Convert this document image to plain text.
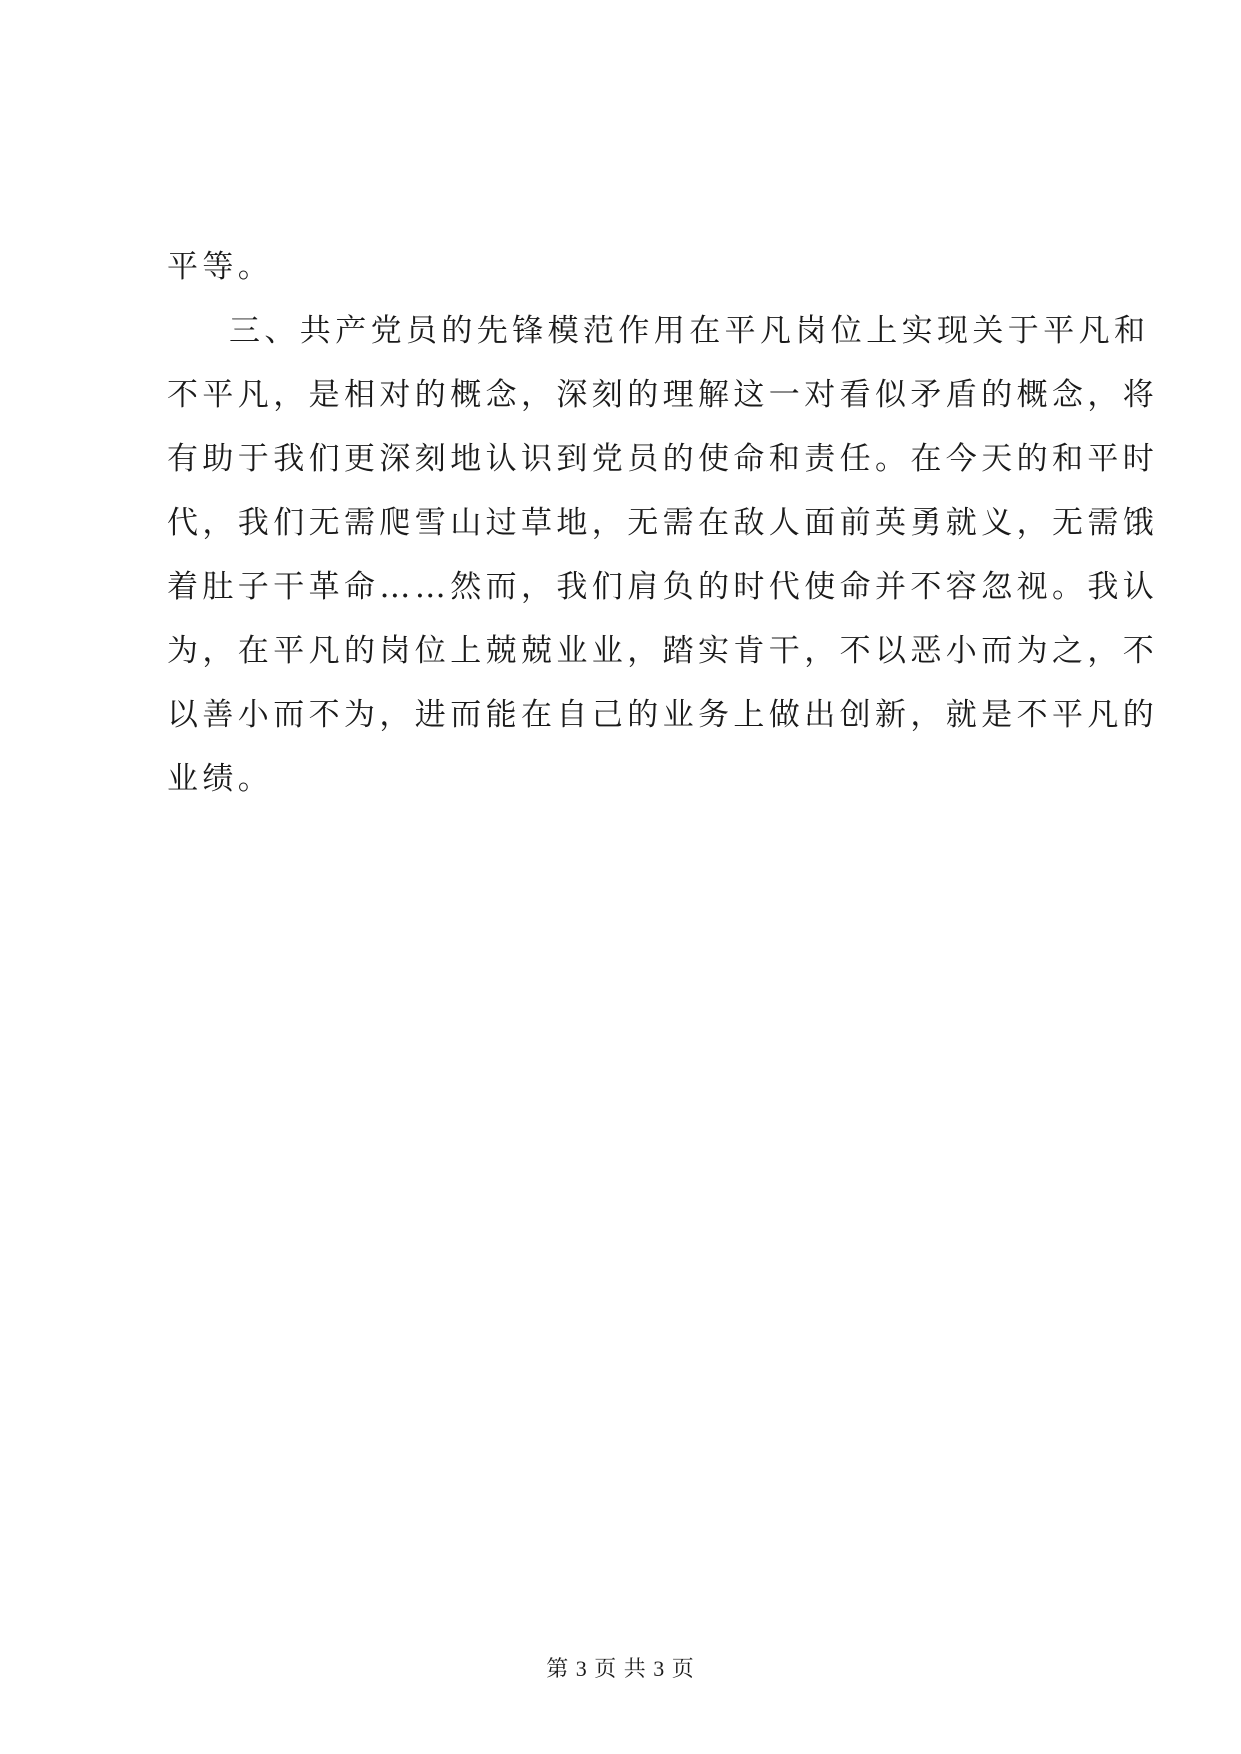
平等。
三、共产党员的先锋模范作用在平凡岗位上实现关于平凡和
不平凡，是相对的概念，深刻的理解这一对看似矛盾的概念，将
有助于我们更深刻地认识到党员的使命和责任。在今天的和平时
代，我们无需爬雪山过草地，无需在敌人面前英勇就义，无需饿
着肚子干革命……然而，我们肩负的时代使命并不容忽视。我认
为，在平凡的岗位上兢兢业业，踏实肯干，不以恶小而为之，不
以善小而不为，进而能在自己的业务上做出创新，就是不平凡的
业绩。
第 3 页 共 3 页
